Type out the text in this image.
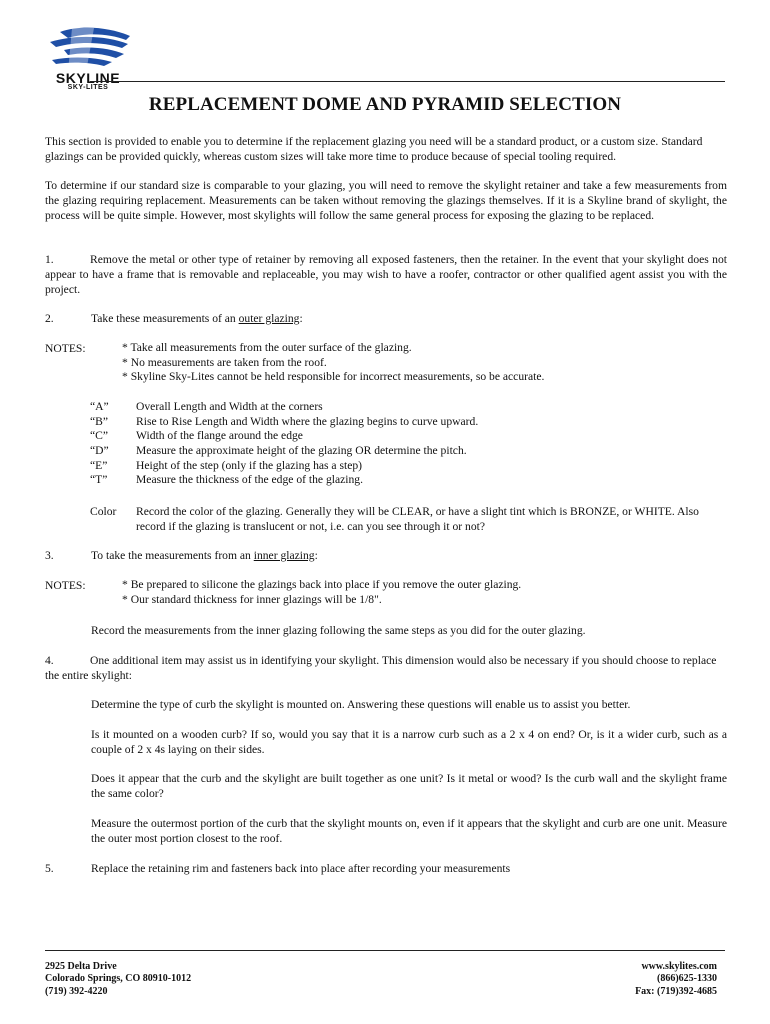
SKYLINE
SKY-LITES
REPLACEMENT DOME AND PYRAMID SELECTION

This section is provided to enable you to determine if the replacement glazing you need will be a standard product, or a custom size. Standard glazings can be provided quickly, whereas custom sizes will take more time to produce because of special tooling required.

To determine if our standard size is comparable to your glazing, you will need to remove the skylight retainer and take a few measurements from the glazing requiring replacement. Measurements can be taken without removing the glazings themselves. If it is a Skyline brand of skylight, the process will be quite simple. However, most skylights will follow the same general process for exposing the glazing to be replaced.

1.	Remove the metal or other type of retainer by removing all exposed fasteners, then the retainer. In the event that your skylight does not appear to have a frame that is removable and replaceable, you may wish to have a roofer, contractor or other qualified agent assist you with the project.

2.	Take these measurements of an outer glazing:

NOTES:	* Take all measurements from the outer surface of the glazing.
* No measurements are taken from the roof.
* Skyline Sky-Lites cannot be held responsible for incorrect measurements, so be accurate.
“A” Overall Length and Width at the corners
“B” Rise to Rise Length and Width where the glazing begins to curve upward.
“C” Width of the flange around the edge
“D” Measure the approximate height of the glazing OR determine the pitch.
“E” Height of the step (only if the glazing has a step)
“T” Measure the thickness of the edge of the glazing.
Color Record the color of the glazing. Generally they will be CLEAR, or have a slight tint which is BRONZE, or WHITE. Also record if the glazing is translucent or not, i.e. can you see through it or not?

3.	To take the measurements from an inner glazing:

NOTES:	* Be prepared to silicone the glazings back into place if you remove the outer glazing.
* Our standard thickness for inner glazings will be 1/8".

Record the measurements from the inner glazing following the same steps as you did for the outer glazing.

4.	One additional item may assist us in identifying your skylight. This dimension would also be necessary if you should choose to replace the entire skylight:

Determine the type of curb the skylight is mounted on. Answering these questions will enable us to assist you better.

Is it mounted on a wooden curb? If so, would you say that it is a narrow curb such as a 2 x 4 on end? Or, is it a wider curb, such as a couple of 2 x 4s laying on their sides.

Does it appear that the curb and the skylight are built together as one unit? Is it metal or wood? Is the curb wall and the skylight frame the same color?

Measure the outermost portion of the curb that the skylight mounts on, even if it appears that the skylight and curb are one unit. Measure the outer most portion closest to the roof.

5.	Replace the retaining rim and fasteners back into place after recording your measurements

2925 Delta Drive
Colorado Springs, CO 80910-1012
(719) 392-4220
www.skylites.com
(866)625-1330
Fax: (719)392-4685
